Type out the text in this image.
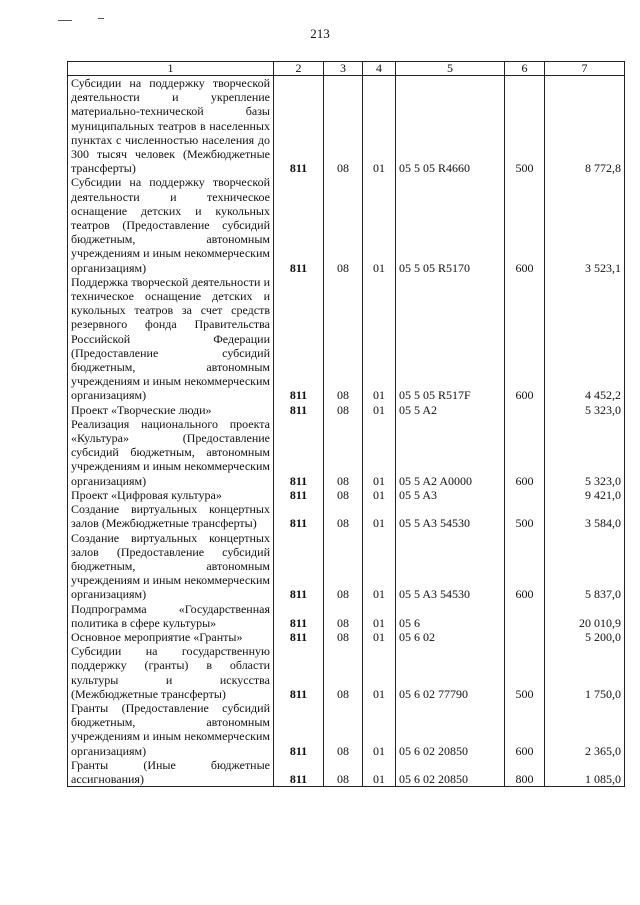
213
1	2	3	4	5	6	7
Субсидии на поддержку творческой деятельности и укрепление материально-технической базы муниципальных театров в населенных пунктах с численностью населения до 300 тысяч человек (Межбюджетные трансферты)	811	08	01	05 5 05 R4660	500	8 772,8
Субсидии на поддержку творческой деятельности и техническое оснащение детских и кукольных театров (Предоставление субсидий бюджетным, автономным учреждениям и иным некоммерческим организациям)	811	08	01	05 5 05 R5170	600	3 523,1
Поддержка творческой деятельности и техническое оснащение детских и кукольных театров за счет средств резервного фонда Правительства Российской Федерации (Предоставление субсидий бюджетным, автономным учреждениям и иным некоммерческим организациям)	811	08	01	05 5 05 R517F	600	4 452,2
Проект «Творческие люди»	811	08	01	05 5 A2		5 323,0
Реализация национального проекта «Культура» (Предоставление субсидий бюджетным, автономным учреждениям и иным некоммерческим организациям)	811	08	01	05 5 A2 A0000	600	5 323,0
Проект «Цифровая культура»	811	08	01	05 5 A3		9 421,0
Создание виртуальных концертных залов (Межбюджетные трансферты)	811	08	01	05 5 A3 54530	500	3 584,0
Создание виртуальных концертных залов (Предоставление субсидий бюджетным, автономным учреждениям и иным некоммерческим организациям)	811	08	01	05 5 A3 54530	600	5 837,0
Подпрограмма «Государственная политика в сфере культуры»	811	08	01	05 6		20 010,9
Основное мероприятие «Гранты»	811	08	01	05 6 02		5 200,0
Субсидии на государственную поддержку (гранты) в области культуры и искусства (Межбюджетные трансферты)	811	08	01	05 6 02 77790	500	1 750,0
Гранты (Предоставление субсидий бюджетным, автономным учреждениям и иным некоммерческим организациям)	811	08	01	05 6 02 20850	600	2 365,0
Гранты (Иные бюджетные ассигнования)	811	08	01	05 6 02 20850	800	1 085,0
